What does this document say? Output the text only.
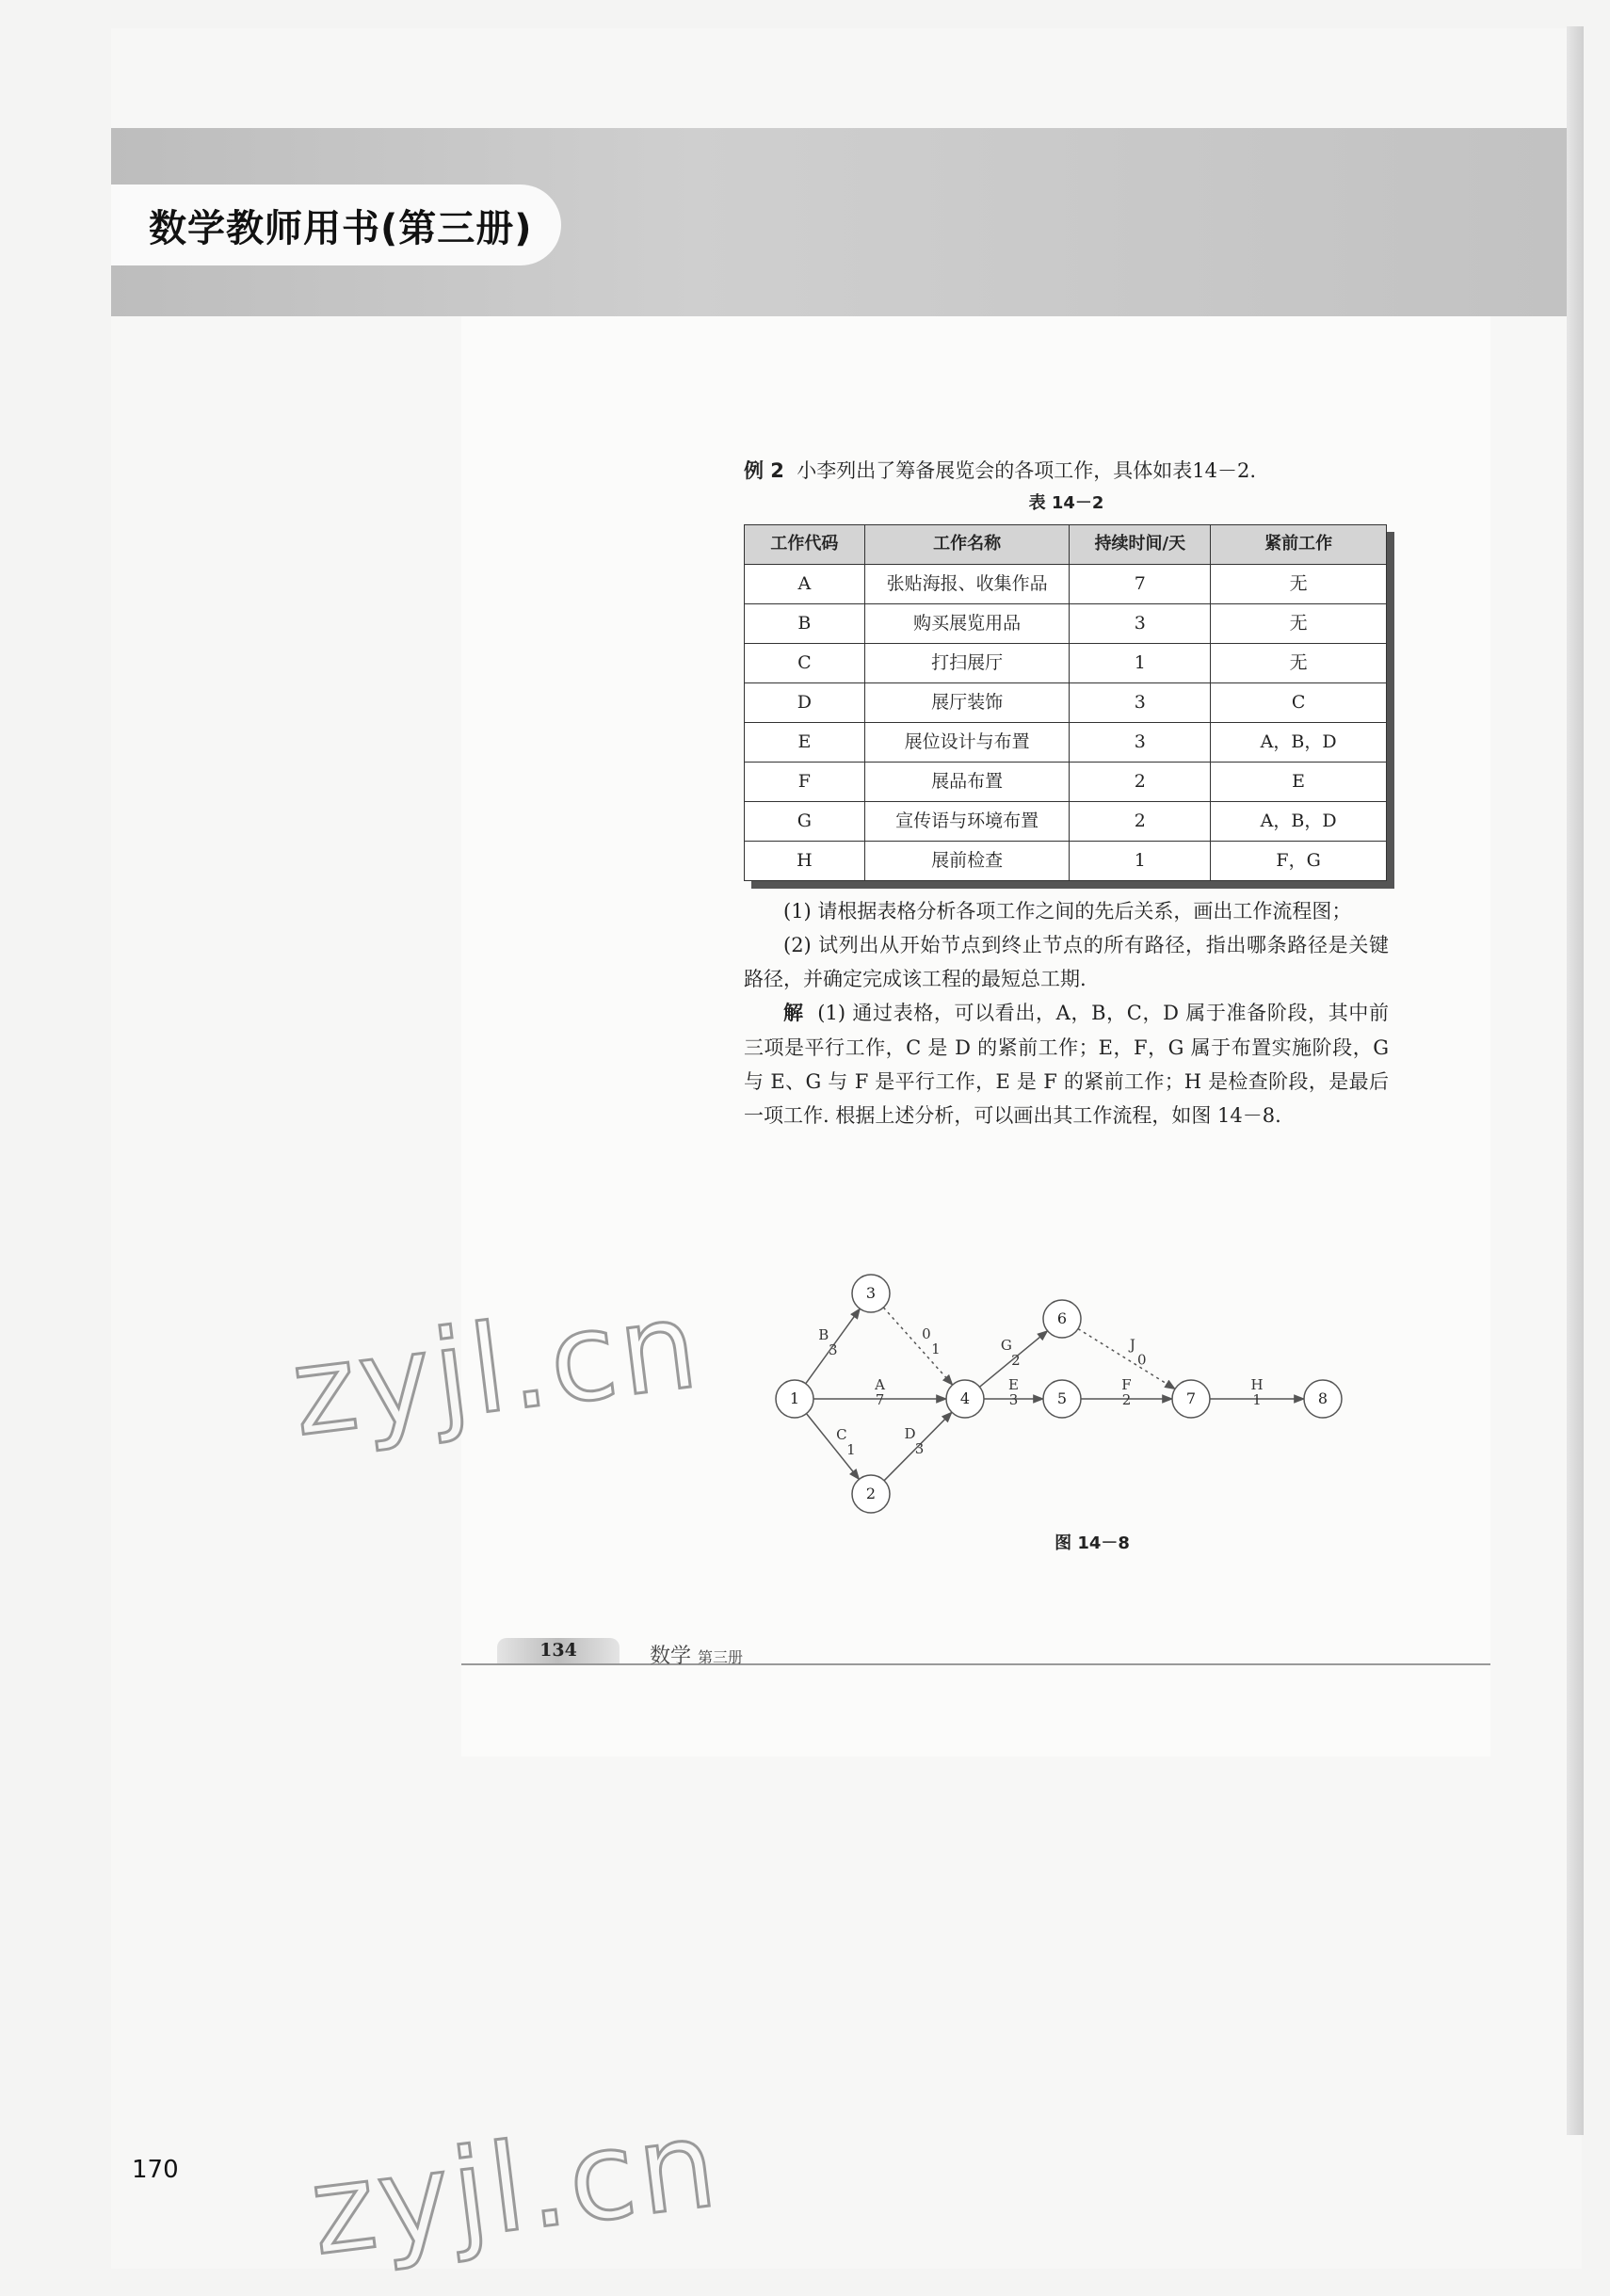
数学教师用书(第三册)

例 2 小李列出了筹备展览会的各项工作，具体如表14－2.

表 14－2
工作代码	工作名称	持续时间/天	紧前工作
A	张贴海报、收集作品	7	无
B	购买展览用品	3	无
C	打扫展厅	1	无
D	展厅装饰	3	C
E	展位设计与布置	3	A，B，D
F	展品布置	2	E
G	宣传语与环境布置	2	A，B，D
H	展前检查	1	F，G

(1) 请根据表格分析各项工作之间的先后关系，画出工作流程图；

(2) 试列出从开始节点到终止节点的所有路径，指出哪条路径是关键路径，并确定完成该工程的最短总工期.

解 (1) 通过表格，可以看出，A，B，C，D 属于准备阶段，其中前三项是平行工作，C 是 D 的紧前工作；E，F，G 属于布置实施阶段，G 与 E、G 与 F 是平行工作，E 是 F 的紧前工作；H 是检查阶段，是最后一项工作. 根据上述分析，可以画出其工作流程，如图 14－8.

B
3
A
7
C
1
D
3
0
1	G
2
E
3
F
2
J
0
H
1
1
2
3
4	5
6
7	8
图 14－8
134	数学 第三册
170
zyjl.cn
zyjl.cn
